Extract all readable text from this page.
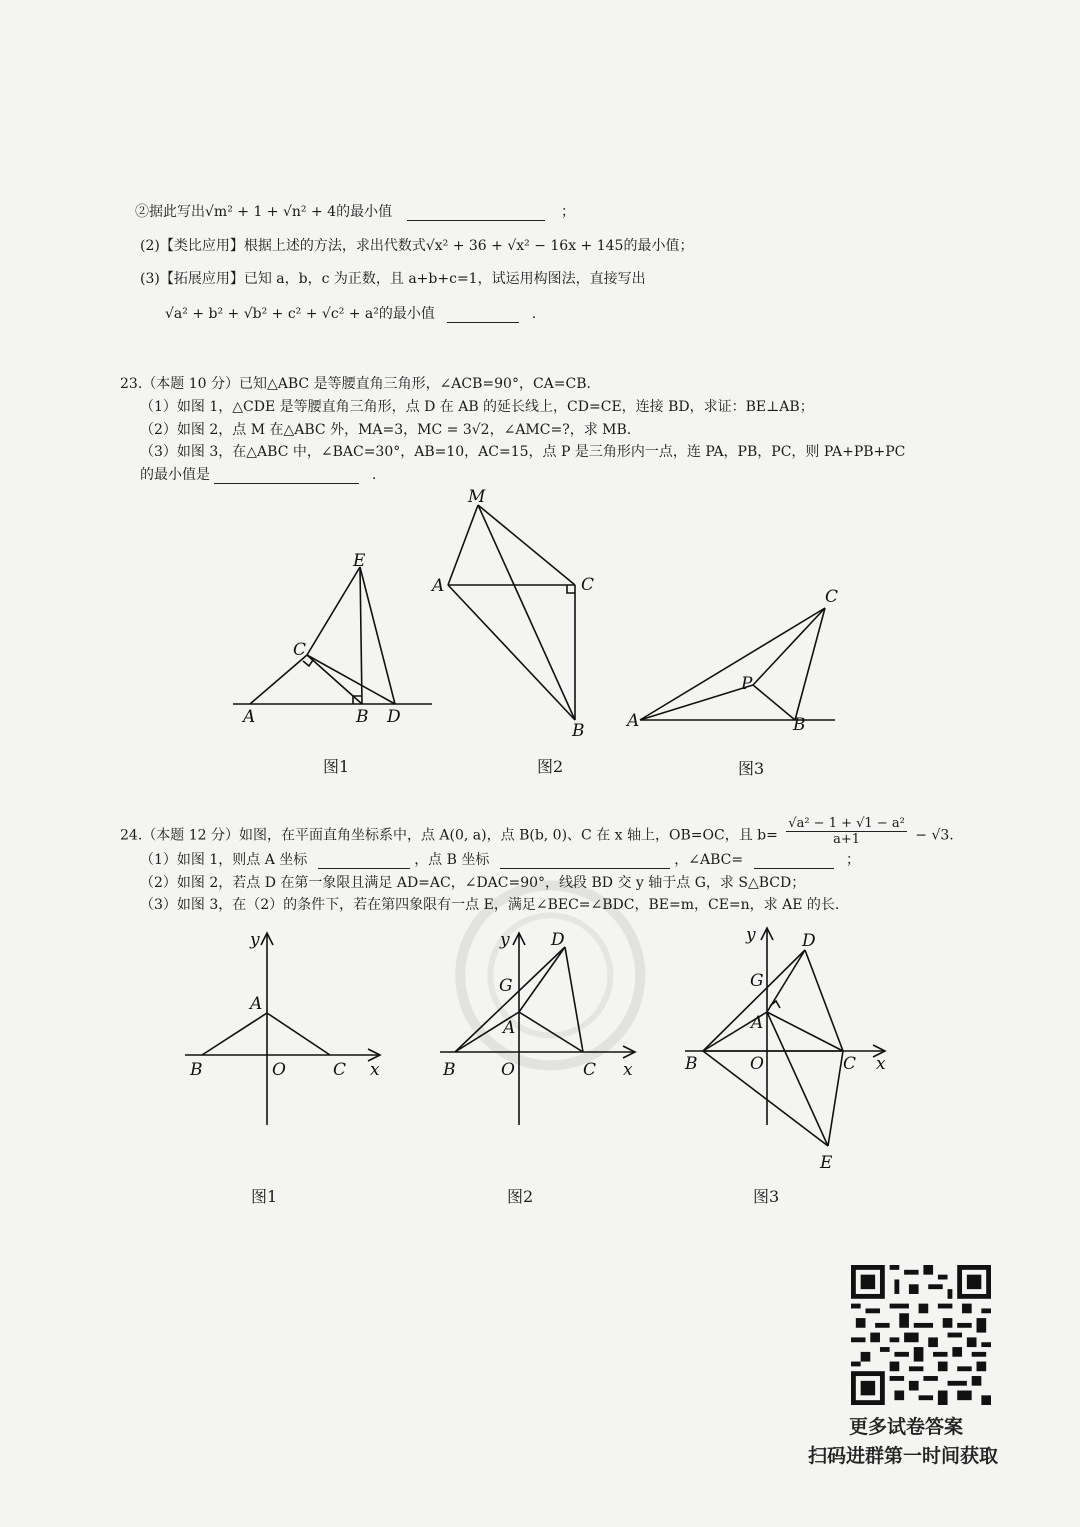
②据此写出√m² + 1 + √n² + 4的最小值	；
(2)【类比应用】根据上述的方法，求出代数式√x² + 36 + √x² − 16x + 145的最小值；
(3)【拓展应用】已知 a，b，c 为正数，且 a+b+c=1，试运用构图法，直接写出
√a² + b² + √b² + c² + √c² + a²的最小值	.
23.（本题 10 分）已知△ABC 是等腰直角三角形，∠ACB=90°，CA=CB.
（1）如图 1，△CDE 是等腰直角三角形，点 D 在 AB 的延长线上，CD=CE，连接 BD，求证：BE⊥AB；
（2）如图 2，点 M 在△ABC 外，MA=3，MC = 3√2，∠AMC=?，求 MB.
（3）如图 3，在△ABC 中，∠BAC=30°，AB=10，AC=15，点 P 是三角形内一点，连 PA，PB，PC，则 PA+PB+PC
的最小值是	.
E
C
A	B D
M
A	C
B
C
P
A	B
图1	图2	图3
24.（本题 12 分）如图，在平面直角坐标系中，点 A(0, a)，点 B(b, 0)、C 在 x 轴上，OB=OC，且 $b= \frac{\text{√a² − 1 + √1 − a²}}{a+1} - √3$.
（1）如图 1，则点 A 坐标	，点 B 坐标	，∠ABC=	；
（2）如图 2，若点 D 在第一象限且满足 AD=AC，∠DAC=90°，线段 BD 交 y 轴于点 G，求 S△BCD；
（3）如图 3，在（2）的条件下，若在第四象限有一点 E，满足∠BEC=∠BDC，BE=m，CE=n，求 AE 的长.
y
A
B	O	C x
y D
G
A
B	O	C x
y	D
G
A
B	O	C x
E
图1	图2	图3
更多试卷答案
扫码进群第一时间获取
